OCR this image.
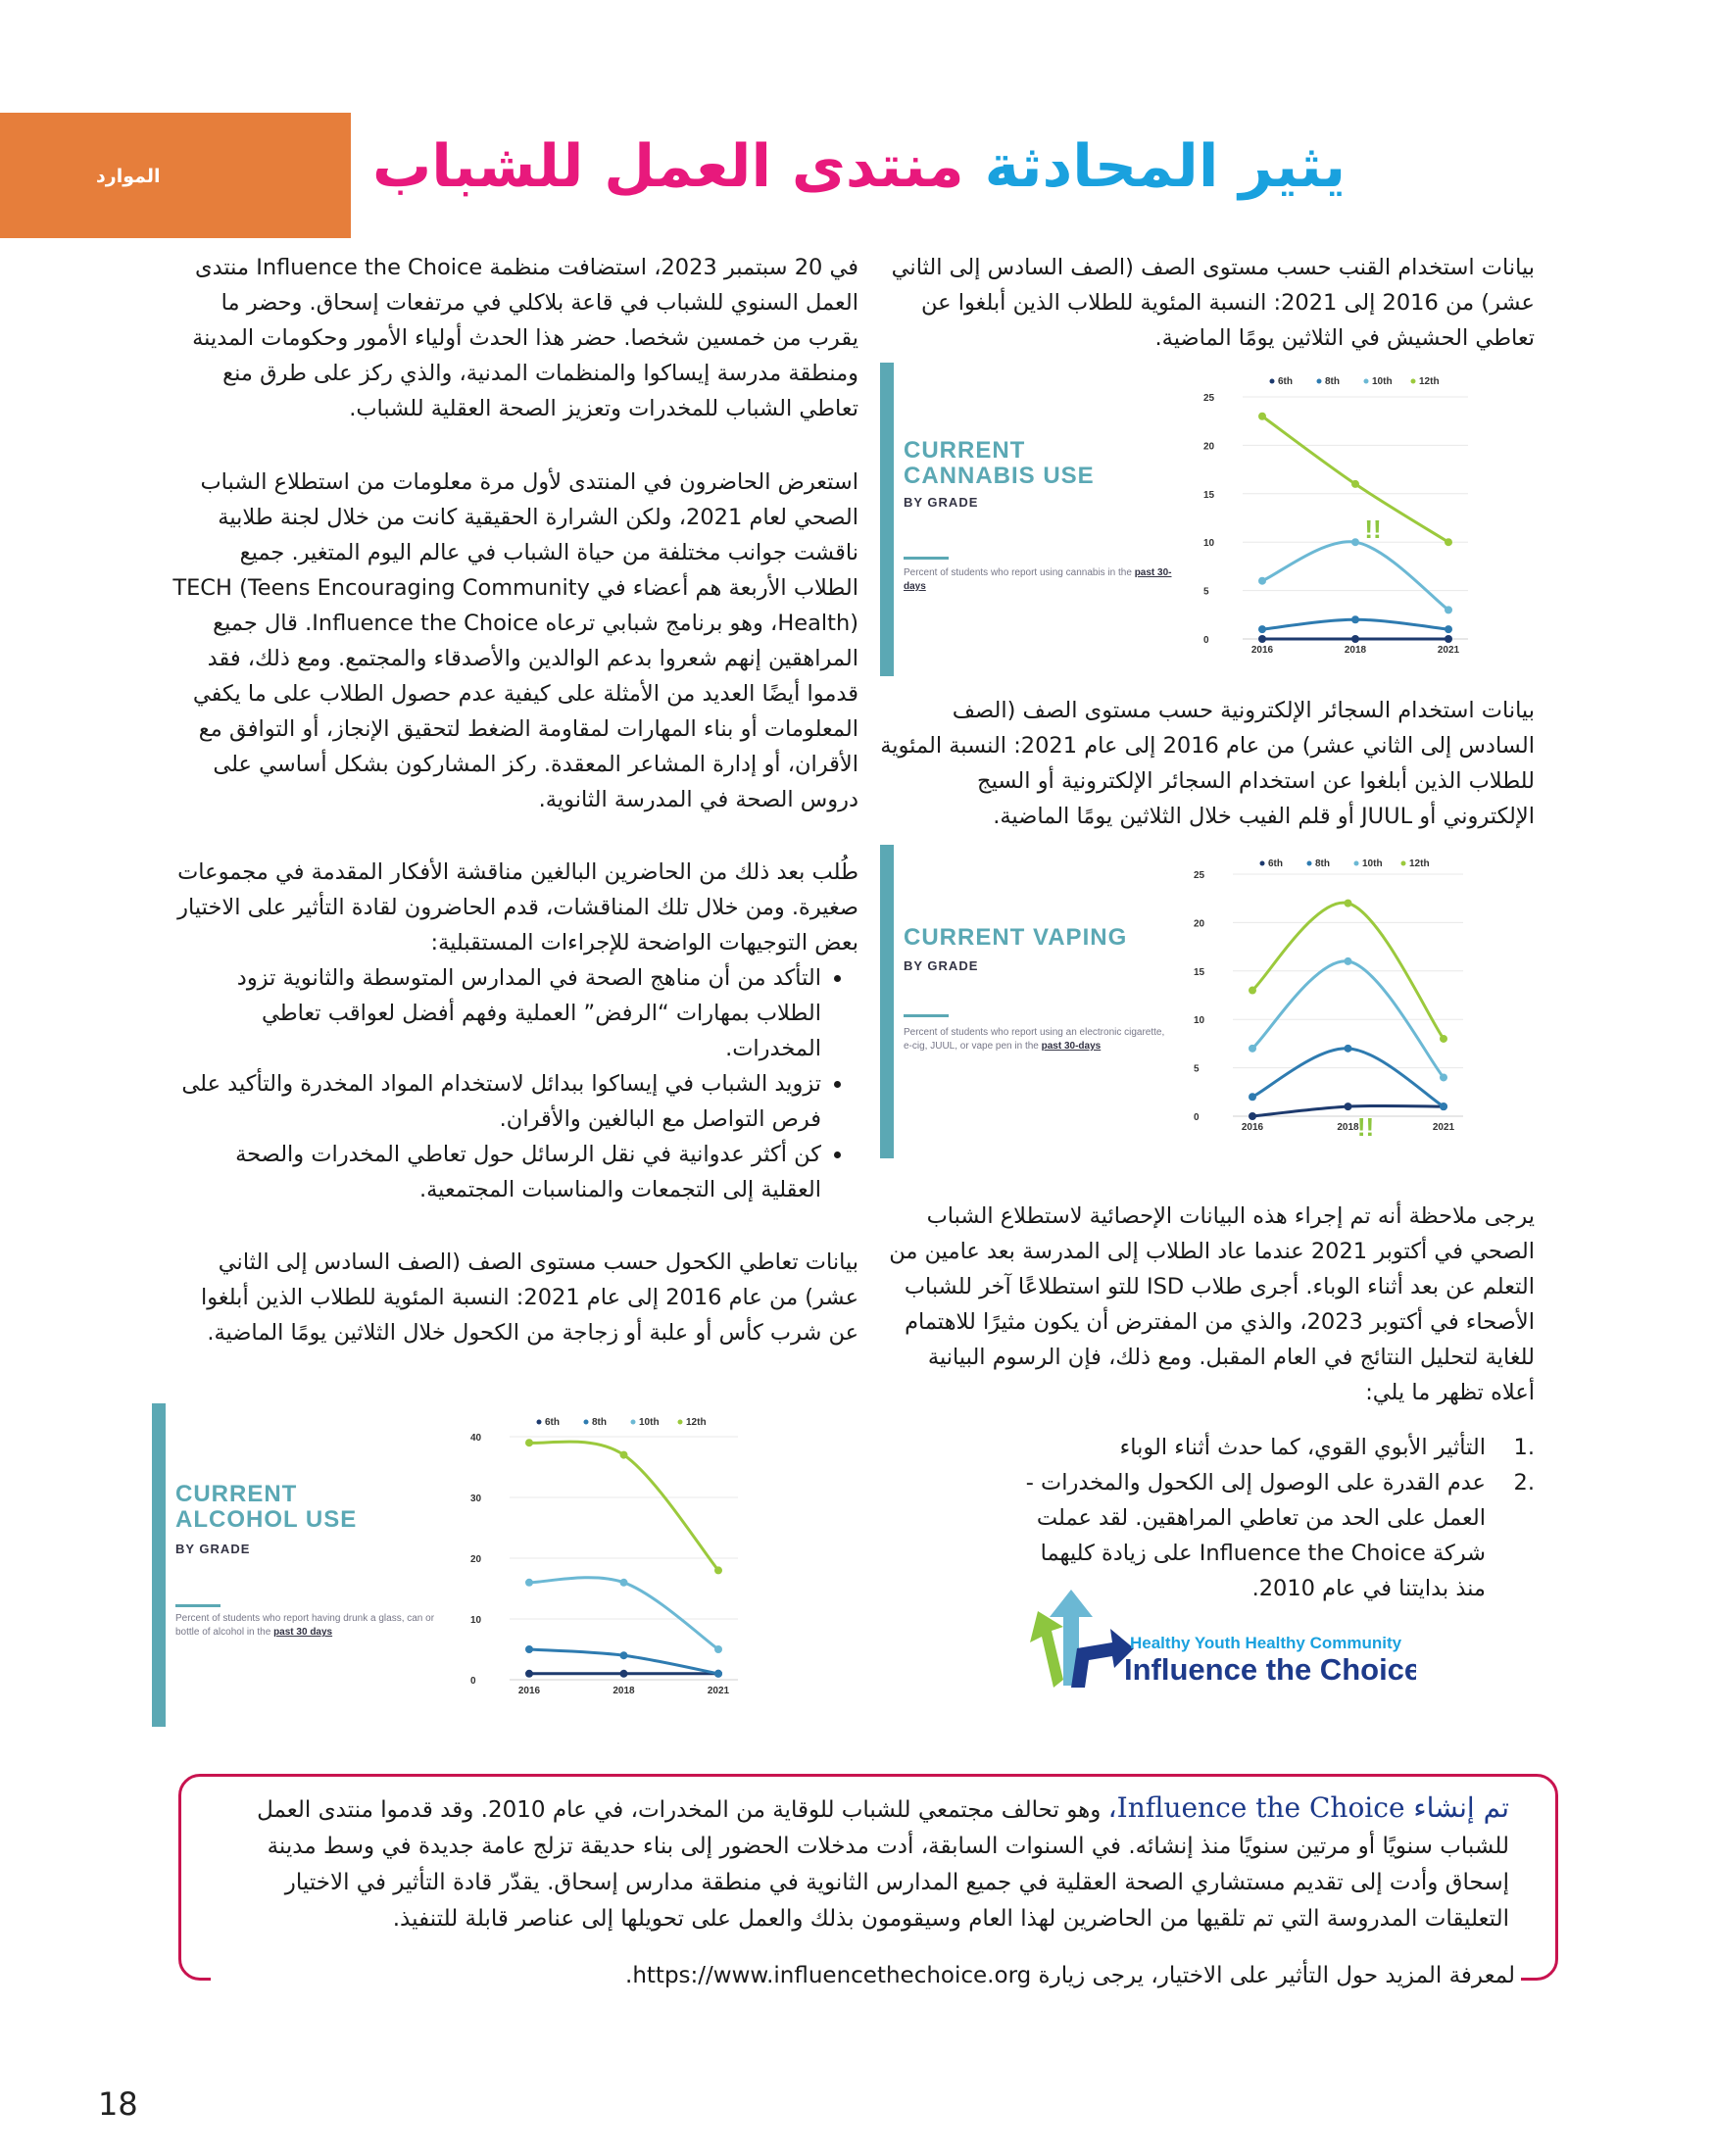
الموارد	يثير المحادثة منتدى العمل للشباب

في 20 سبتمبر 2023، استضافت منظمة Influence the Choice منتدى العمل السنوي للشباب في قاعة بلاكلي في مرتفعات إسحاق. وحضر ما يقرب من خمسين شخصا. حضر هذا الحدث أولياء الأمور وحكومات المدينة ومنطقة مدرسة إيساكوا والمنظمات المدنية، والذي ركز على طرق منع تعاطي الشباب للمخدرات وتعزيز الصحة العقلية للشباب.

استعرض الحاضرون في المنتدى لأول مرة معلومات من استطلاع الشباب الصحي لعام 2021، ولكن الشرارة الحقيقية كانت من خلال لجنة طلابية ناقشت جوانب مختلفة من حياة الشباب في عالم اليوم المتغير. جميع الطلاب الأربعة هم أعضاء في TECH (Teens Encouraging Community Health)، وهو برنامج شبابي ترعاه Influence the Choice. قال جميع المراهقين إنهم شعروا بدعم الوالدين والأصدقاء والمجتمع. ومع ذلك، فقد قدموا أيضًا العديد من الأمثلة على كيفية عدم حصول الطلاب على ما يكفي المعلومات أو بناء المهارات لمقاومة الضغط لتحقيق الإنجاز، أو التوافق مع الأقران، أو إدارة المشاعر المعقدة. ركز المشاركون بشكل أساسي على دروس الصحة في المدرسة الثانوية.

طُلب بعد ذلك من الحاضرين البالغين مناقشة الأفكار المقدمة في مجموعات صغيرة. ومن خلال تلك المناقشات، قدم الحاضرون لقادة التأثير على الاختيار بعض التوجيهات الواضحة للإجراءات المستقبلية:

• التأكد من أن مناهج الصحة في المدارس المتوسطة والثانوية تزود الطلاب بمهارات “الرفض” العملية وفهم أفضل لعواقب تعاطي المخدرات.
• تزويد الشباب في إيساكوا ببدائل لاستخدام المواد المخدرة والتأكيد على فرص التواصل مع البالغين والأقران.
• كن أكثر عدوانية في نقل الرسائل حول تعاطي المخدرات والصحة العقلية إلى التجمعات والمناسبات المجتمعية.

بيانات تعاطي الكحول حسب مستوى الصف (الصف السادس إلى الثاني عشر) من عام 2016 إلى عام 2021: النسبة المئوية للطلاب الذين أبلغوا عن شرب كأس أو علبة أو زجاجة من الكحول خلال الثلاثين يومًا الماضية.

بيانات استخدام القنب حسب مستوى الصف (الصف السادس إلى الثاني عشر) من 2016 إلى 2021: النسبة المئوية للطلاب الذين أبلغوا عن تعاطي الحشيش في الثلاثين يومًا الماضية.

بيانات استخدام السجائر الإلكترونية حسب مستوى الصف (الصف السادس إلى الثاني عشر) من عام 2016 إلى عام 2021: النسبة المئوية للطلاب الذين أبلغوا عن استخدام السجائر الإلكترونية أو السيج الإلكتروني أو JUUL أو قلم الفيب خلال الثلاثين يومًا الماضية.

يرجى ملاحظة أنه تم إجراء هذه البيانات الإحصائية لاستطلاع الشباب الصحي في أكتوبر 2021 عندما عاد الطلاب إلى المدرسة بعد عامين من التعلم عن بعد أثناء الوباء. أجرى طلاب ISD للتو استطلاعًا آخر للشباب الأصحاء في أكتوبر 2023، والذي من المفترض أن يكون مثيرًا للاهتمام للغاية لتحليل النتائج في العام المقبل. ومع ذلك، فإن الرسوم البيانية أعلاه تظهر ما يلي:

1.
التأثير الأبوي القوي، كما حدث أثناء الوباء
2.
عدم القدرة على الوصول إلى الكحول والمخدرات - العمل على الحد من تعاطي المراهقين. لقد عملت شركة Influence the Choice على زيادة كليهما منذ بدايتنا في عام 2010.
CURRENT
CANNABIS USE
BY GRADE
Percent of students who report using cannabis in the past 30-days
0
5
10
15
20
25
2016	2018	2021
6th	8th	10th	12th
!!
CURRENT VAPING
BY GRADE
Percent of students who report using an electronic cigarette, e-cig, JUUL, or vape pen in the past 30-days
0
5
10
15
20
25
2016	2018	2021
6th	8th	10th	12th
!!
CURRENT
ALCOHOL USE
BY GRADE
Percent of students who report having drunk a glass, can or bottle of alcohol in the past 30 days
0
10
20
30
40
2016	2018	2021
6th	8th	10th	12th
Healthy Youth Healthy Community
Influence the Choice
تم إنشاء Influence the Choice، وهو تحالف مجتمعي للشباب للوقاية من المخدرات، في عام 2010. وقد قدموا منتدى العمل للشباب سنويًا أو مرتين سنويًا منذ إنشائه. في السنوات السابقة، أدت مدخلات الحضور إلى بناء حديقة تزلج عامة جديدة في وسط مدينة إسحاق وأدت إلى تقديم مستشاري الصحة العقلية في جميع المدارس الثانوية في منطقة مدارس إسحاق. يقدّر قادة التأثير في الاختيار التعليقات المدروسة التي تم تلقيها من الحاضرين لهذا العام وسيقومون بذلك والعمل على تحويلها إلى عناصر قابلة للتنفيذ.
لمعرفة المزيد حول التأثير على الاختيار، يرجى زيارة https://www.influencethechoice.org.
18
